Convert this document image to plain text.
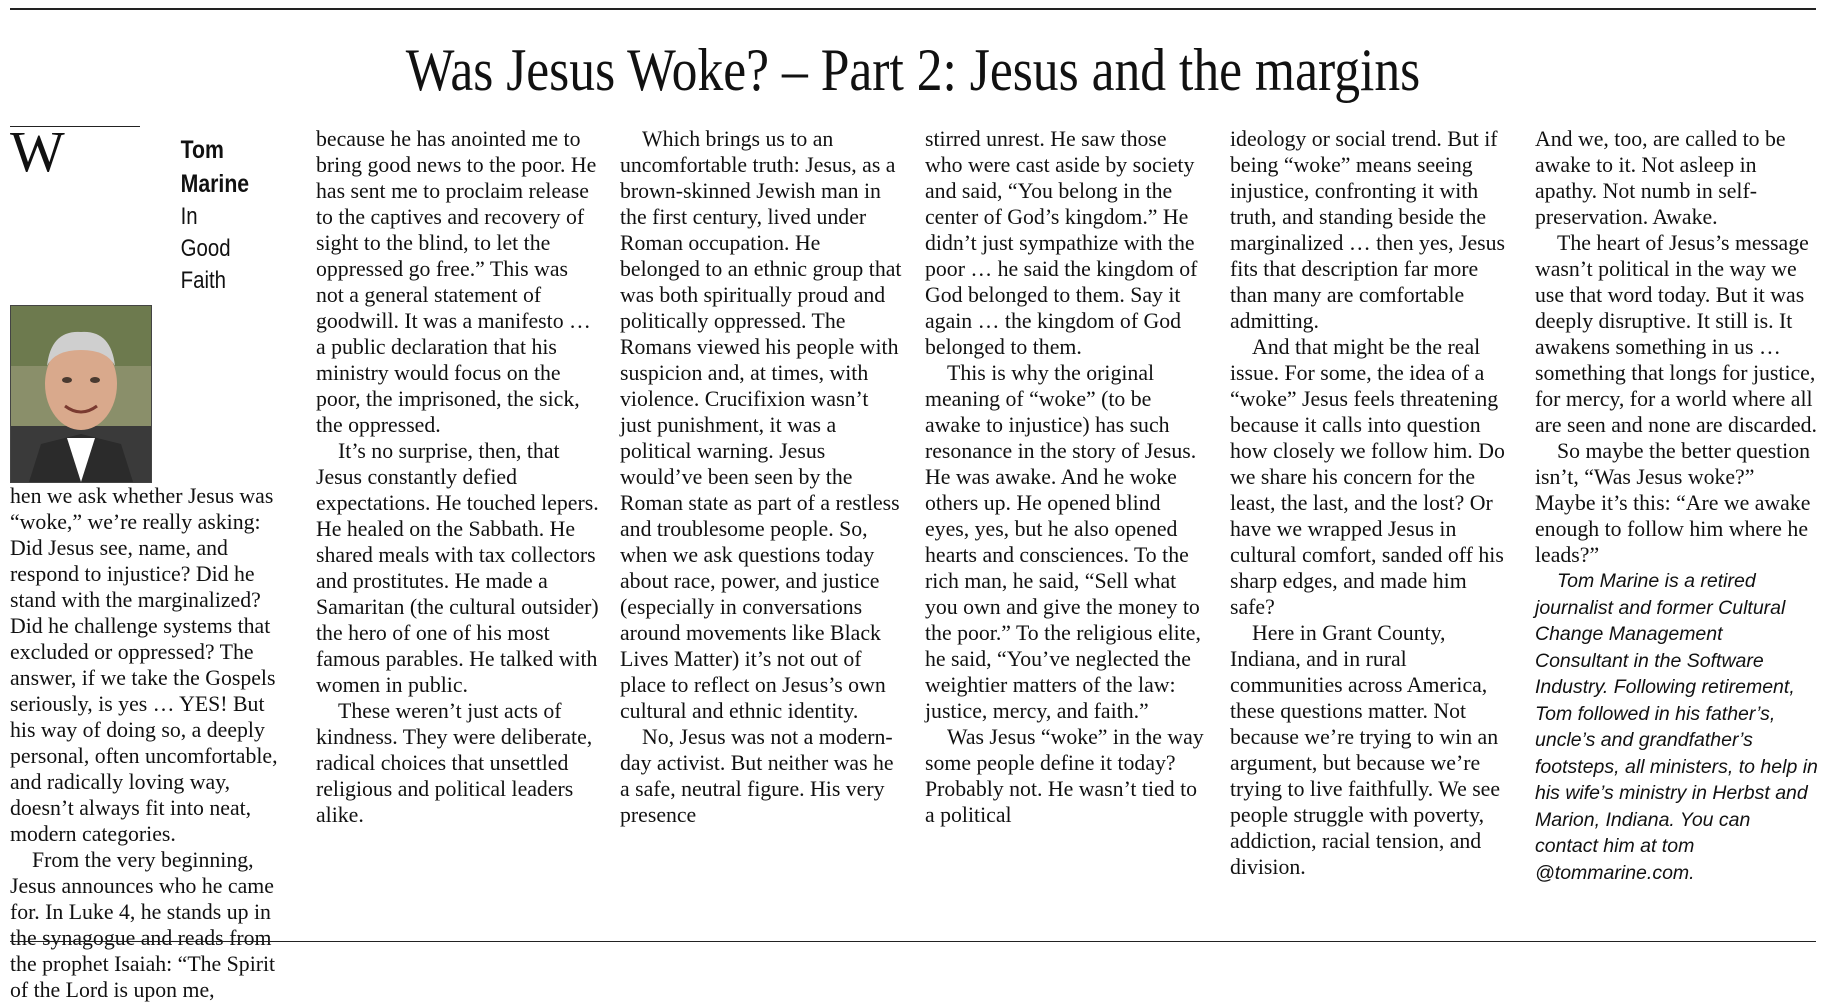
Was Jesus Woke? – Part 2: Jesus and the margins

W	Tom
Marine
In Good
Faith
hen we ask whether Jesus was “woke,” we’re really asking: Did Jesus see, name, and respond to injustice? Did he stand with the marginalized? Did he challenge systems that excluded or oppressed? The answer, if we take the Gospels seriously, is yes … YES! But his way of doing so, a deeply personal, often uncomfortable, and radically loving way, doesn’t always fit into neat, modern categories.

From the very beginning, Jesus announces who he came for. In Luke 4, he stands up in the synagogue and reads from the prophet Isaiah: “The Spirit of the Lord is upon me,

because he has anointed me to bring good news to the poor. He has sent me to proclaim release to the captives and recovery of sight to the blind, to let the oppressed go free.” This was not a general statement of goodwill. It was a manifesto … a public declaration that his ministry would focus on the poor, the imprisoned, the sick, the oppressed.

It’s no surprise, then, that Jesus constantly defied expectations. He touched lepers. He healed on the Sabbath. He shared meals with tax collectors and prostitutes. He made a Samaritan (the cultural outsider) the hero of one of his most famous parables. He talked with women in public.

These weren’t just acts of kindness. They were deliberate, radical choices that unsettled religious and political leaders alike.

Which brings us to an uncomfortable truth: Jesus, as a brown-skinned Jewish man in the first century, lived under Roman occupation. He belonged to an ethnic group that was both spiritually proud and politically oppressed. The Romans viewed his people with suspicion and, at times, with violence. Crucifixion wasn’t just punishment, it was a political warning. Jesus would’ve been seen by the Roman state as part of a restless and troublesome people. So, when we ask questions today about race, power, and justice (especially in conversations around movements like Black Lives Matter) it’s not out of place to reflect on Jesus’s own cultural and ethnic identity.

No, Jesus was not a modern-day activist. But neither was he a safe, neutral figure. His very presence

stirred unrest. He saw those who were cast aside by society and said, “You belong in the center of God’s kingdom.” He didn’t just sympathize with the poor … he said the kingdom of God belonged to them. Say it again … the kingdom of God belonged to them.

This is why the original meaning of “woke” (to be awake to injustice) has such resonance in the story of Jesus. He was awake. And he woke others up. He opened blind eyes, yes, but he also opened hearts and consciences. To the rich man, he said, “Sell what you own and give the money to the poor.” To the religious elite, he said, “You’ve neglected the weightier matters of the law: justice, mercy, and faith.”

Was Jesus “woke” in the way some people define it today? Probably not. He wasn’t tied to a political

ideology or social trend. But if being “woke” means seeing injustice, confronting it with truth, and standing beside the marginalized … then yes, Jesus fits that description far more than many are comfortable admitting.

And that might be the real issue. For some, the idea of a “woke” Jesus feels threatening because it calls into question how closely we follow him. Do we share his concern for the least, the last, and the lost? Or have we wrapped Jesus in cultural comfort, sanded off his sharp edges, and made him safe?

Here in Grant County, Indiana, and in rural communities across America, these questions matter. Not because we’re trying to win an argument, but because we’re trying to live faithfully. We see people struggle with poverty, addiction, racial tension, and division.

And we, too, are called to be awake to it. Not asleep in apathy. Not numb in self-preservation. Awake.

The heart of Jesus’s message wasn’t political in the way we use that word today. But it was deeply disruptive. It still is. It awakens something in us … something that longs for justice, for mercy, for a world where all are seen and none are discarded.

So maybe the better question isn’t, “Was Jesus woke?” Maybe it’s this: “Are we awake enough to follow him where he leads?”

Tom Marine is a retired journalist and former Cultural Change Management Consultant in the Software Industry. Following retirement, Tom followed in his father’s, uncle’s and grandfather’s footsteps, all ministers, to help in his wife’s ministry in Herbst and Marion, Indiana. You can contact him at tom @tommarine.com.
